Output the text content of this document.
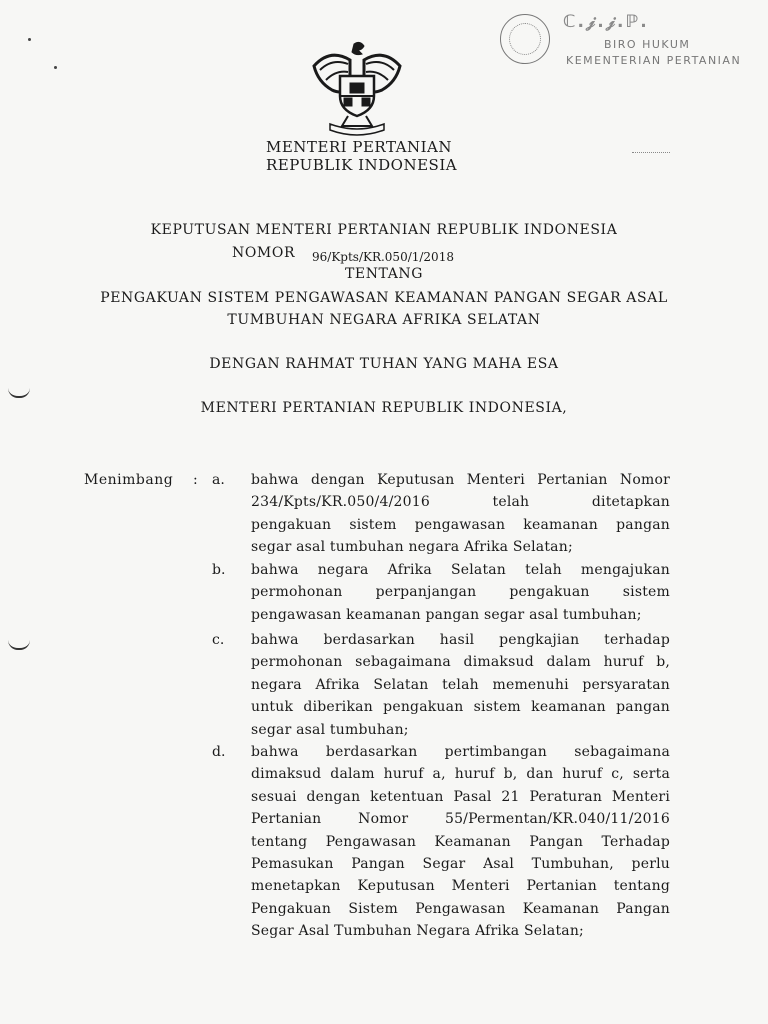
ℂ.𝒿.𝒿.ℙ.
BIRO HUKUM
KEMENTERIAN PERTANIAN
MENTERI PERTANIAN
REPUBLIK INDONESIA
KEPUTUSAN MENTERI PERTANIAN REPUBLIK INDONESIA
NOMOR 96/Kpts/KR.050/1/2018
TENTANG
PENGAKUAN SISTEM PENGAWASAN KEAMANAN PANGAN SEGAR ASAL
TUMBUHAN NEGARA AFRIKA SELATAN
DENGAN RAHMAT TUHAN YANG MAHA ESA
MENTERI PERTANIAN REPUBLIK INDONESIA,
Menimbang : a. bahwa dengan Keputusan Menteri Pertanian Nomor
234/Kpts/KR.050/4/2016 telah ditetapkan
pengakuan sistem pengawasan keamanan pangan
segar asal tumbuhan negara Afrika Selatan;
b. bahwa negara Afrika Selatan telah mengajukan
permohonan perpanjangan pengakuan sistem
pengawasan keamanan pangan segar asal tumbuhan;
c. bahwa berdasarkan hasil pengkajian terhadap
permohonan sebagaimana dimaksud dalam huruf b,
negara Afrika Selatan telah memenuhi persyaratan
untuk diberikan pengakuan sistem keamanan pangan
segar asal tumbuhan;
d. bahwa berdasarkan pertimbangan sebagaimana
dimaksud dalam huruf a, huruf b, dan huruf c, serta
sesuai dengan ketentuan Pasal 21 Peraturan Menteri
Pertanian Nomor 55/Permentan/KR.040/11/2016
tentang Pengawasan Keamanan Pangan Terhadap
Pemasukan Pangan Segar Asal Tumbuhan, perlu
menetapkan Keputusan Menteri Pertanian tentang
Pengakuan Sistem Pengawasan Keamanan Pangan
Segar Asal Tumbuhan Negara Afrika Selatan;
